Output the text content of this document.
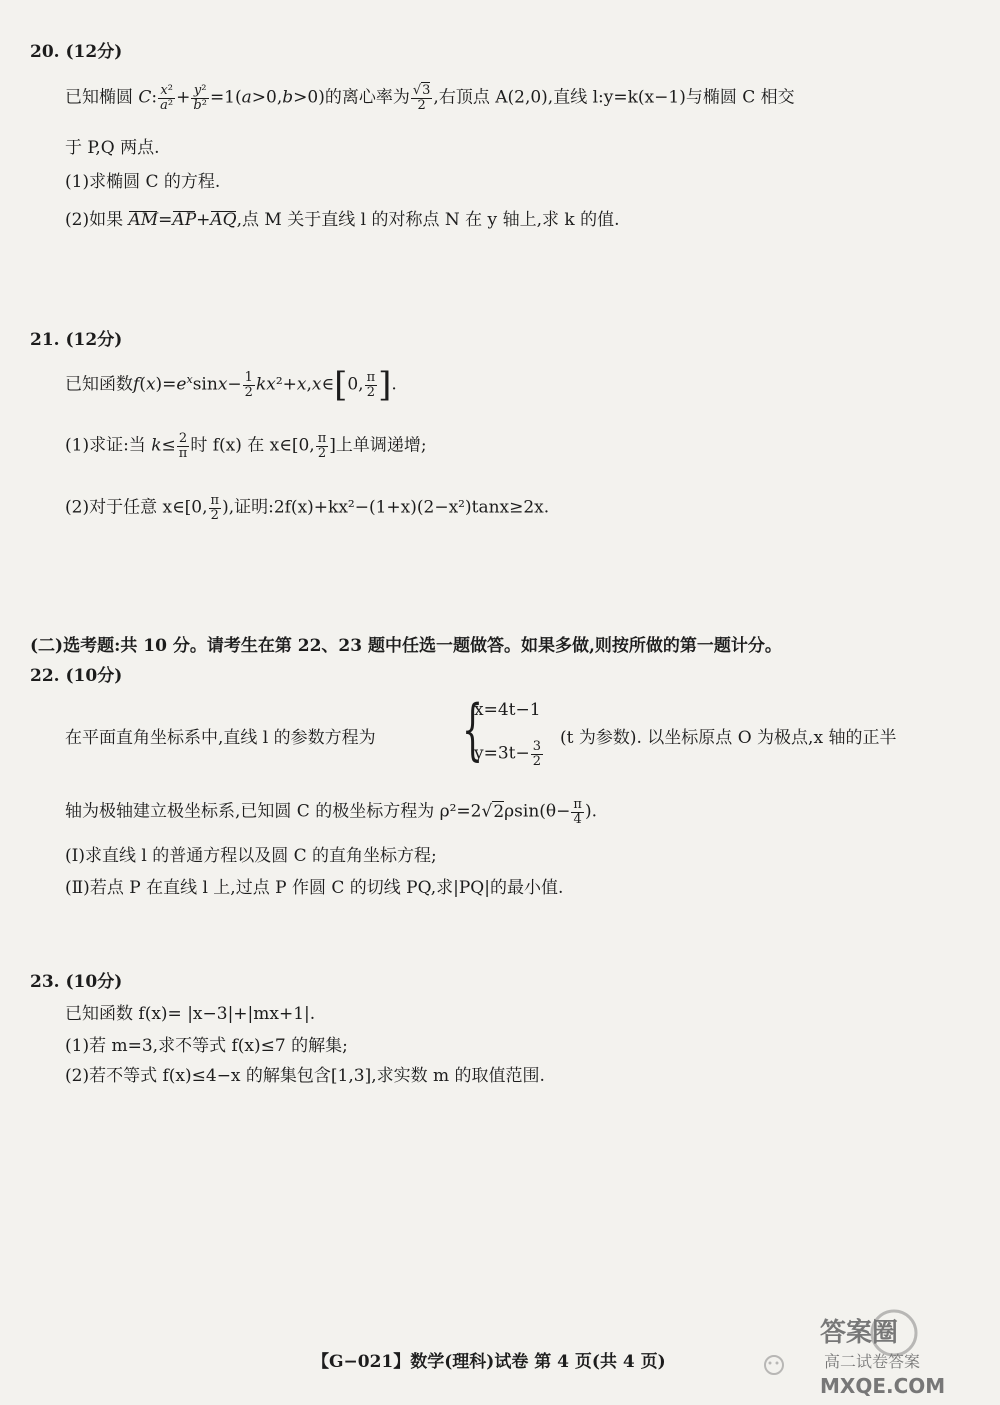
20. (12分)
已知椭圆 C: $\frac{\text{x²}}{\text{a²}} + \frac{\text{y²}}{\text{b²}} =1(a>0,b>0)$的离心率为 $\frac{√3}{2}$ ,右顶点 A(2,0),直线 l:y=k(x−1)与椭圆 C 相交
于 P,Q 两点.
(1)求椭圆 C 的方程.
(2)如果 AM=AP+AQ,点 M 关于直线 l 的对称点 N 在 y 轴上,求 k 的值.
21. (12分)
已知函数$f(x)=e^x\sin x- \frac{1}{2}$ kx²+x,x∈[0, $\frac{\pi}{2}$ ].
(1)求证:当 $k\le \frac{2}{\pi}$ 时 f(x) 在 x∈[0, $\frac{\pi}{2}$ ]上单调递增;
(2)对于任意 x∈[0, $\frac{\pi}{2}$ ),证明:2f(x)+kx²−(1+x)(2−x²)tanx≥2x.
(二)选考题:共 10 分。请考生在第 22、23 题中任选一题做答。如果多做,则按所做的第一题计分。
22. (10分)
在平面直角坐标系中,直线 l 的参数方程为 {
x=4t−1
$y=3t- \frac{3}{2}$
(t 为参数). 以坐标原点 O 为极点,x 轴的正半
轴为极轴建立极坐标系,已知圆 C 的极坐标方程为 $\rho^2=2√2\rho\sin(\theta- \frac{\pi}{4}$ ).
(Ⅰ)求直线 l 的普通方程以及圆 C 的直角坐标方程;
(Ⅱ)若点 P 在直线 l 上,过点 P 作圆 C 的切线 PQ,求|PQ|的最小值.
23. (10分)
已知函数 f(x)= |x−3|+|mx+1|.
(1)若 m=3,求不等式 f(x)≤7 的解集;
(2)若不等式 f(x)≤4−x 的解集包含[1,3],求实数 m 的取值范围.
【G−021】数学(理科)试卷 第 4 页(共 4 页)
答案圈
高二试卷答案
MXQE.COM
